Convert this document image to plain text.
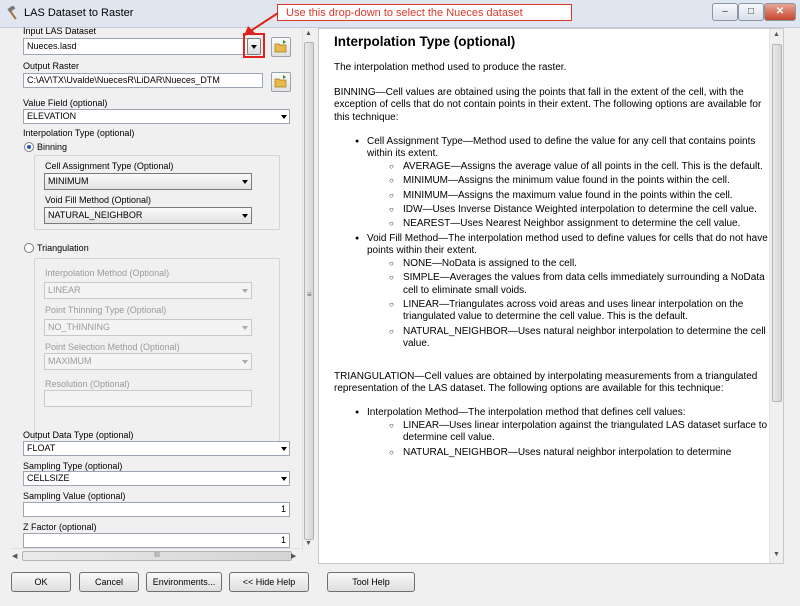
LAS Dataset to Raster	–	□	✕
Input LAS Dataset
Nueces.lasd
Output Raster
C:\AV\TX\Uvalde\NuecesR\LiDAR\Nueces_DTM
Value Field (optional)
ELEVATION
Interpolation Type (optional)
Binning
Cell Assignment Type (Optional)
MINIMUM
Void Fill Method (Optional)
NATURAL_NEIGHBOR
Triangulation
Interpolation Method (Optional)
LINEAR
Point Thinning Type (Optional)
NO_THINNING
Point Selection Method (Optional)
MAXIMUM
Resolution (Optional)
Output Data Type (optional)
FLOAT
Sampling Type (optional)
CELLSIZE
Sampling Value (optional)
1
Z Factor (optional)
1
◀	III	▶
▲
▼
≡
Interpolation Type (optional)

The interpolation method used to produce the raster.

BINNING—Cell values are obtained using the points that fall in the extent of the cell, with the exception of cells that do not contain points in their extent. The following options are available for this technique:

● Cell Assignment Type—Method used to define the value for any cell that contains points within its extent.
○ AVERAGE—Assigns the average value of all points in the cell. This is the default.
○ MINIMUM—Assigns the minimum value found in the points within the cell.
○ MINIMUM—Assigns the maximum value found in the points within the cell.
○ IDW—Uses Inverse Distance Weighted interpolation to determine the cell value.
○ NEAREST—Uses Nearest Neighbor assignment to determine the cell value.
● Void Fill Method—The interpolation method used to define values for cells that do not have points within their extent.
○ NONE—NoData is assigned to the cell.
○ SIMPLE—Averages the values from data cells immediately surrounding a NoData cell to eliminate small voids.
○ LINEAR—Triangulates across void areas and uses linear interpolation on the triangulated value to determine the cell value. This is the default.
○ NATURAL_NEIGHBOR—Uses natural neighbor interpolation to determine the cell value.

TRIANGULATION—Cell values are obtained by interpolating measurements from a triangulated representation of the LAS dataset. The following options are available for this technique:

● Interpolation Method—The interpolation method that defines cell values:
○ LINEAR—Uses linear interpolation against the triangulated LAS dataset surface to determine cell value.
○ NATURAL_NEIGHBOR—Uses natural neighbor interpolation to determine
▲
▼
OK	Cancel	Environments...	<< Hide Help	Tool Help
Use this drop-down to select the Nueces dataset
